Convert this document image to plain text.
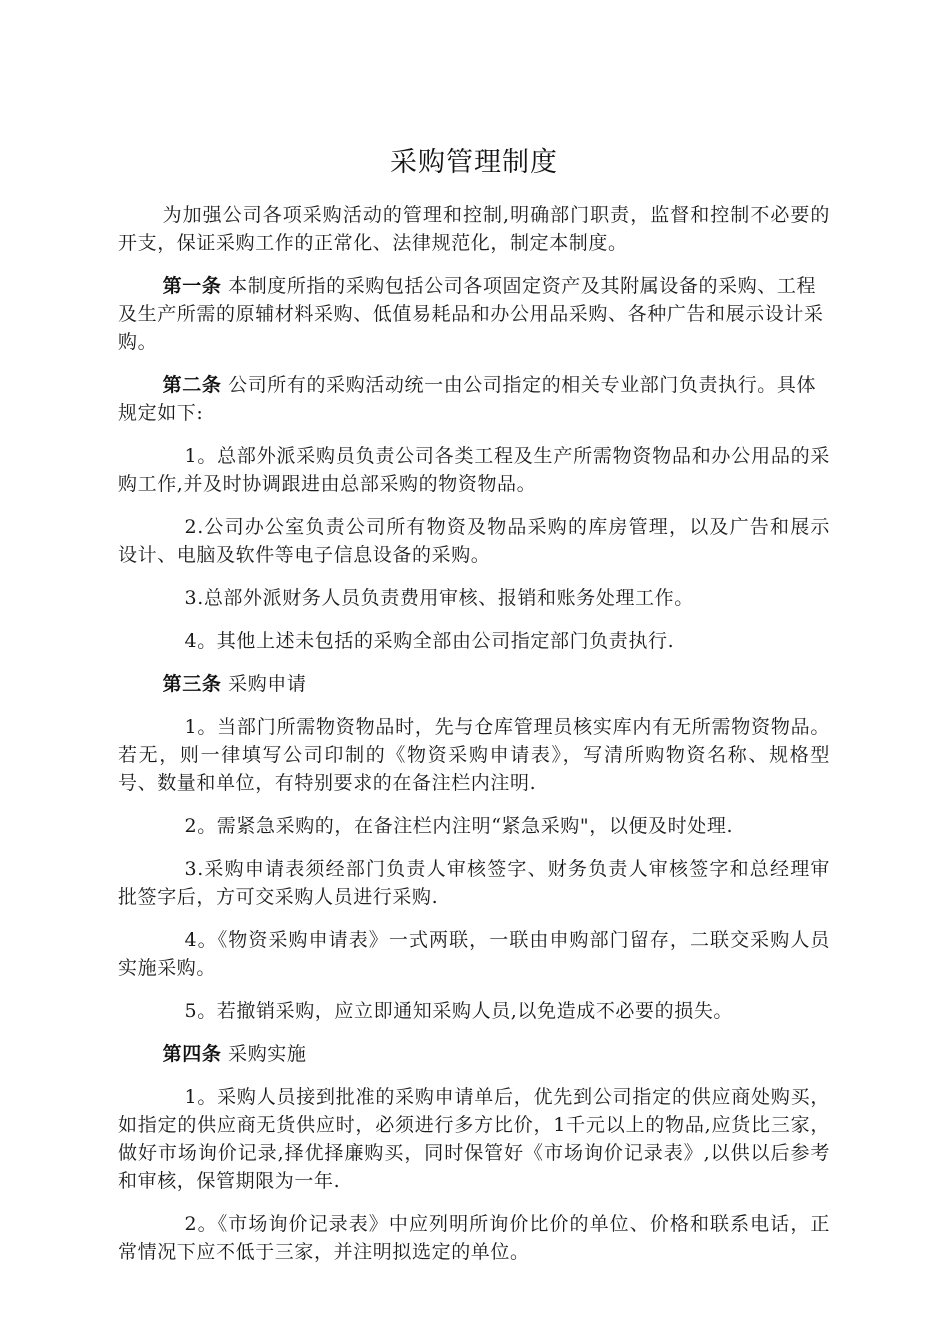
采购管理制度

为加强公司各项采购活动的管理和控制,明确部门职责，监督和控制不必要的开支，保证采购工作的正常化、法律规范化，制定本制度。

第一条 本制度所指的采购包括公司各项固定资产及其附属设备的采购、工程及生产所需的原辅材料采购、低值易耗品和办公用品采购、各种广告和展示设计采购。

第二条 公司所有的采购活动统一由公司指定的相关专业部门负责执行。具体规定如下:

1。总部外派采购员负责公司各类工程及生产所需物资物品和办公用品的采购工作,并及时协调跟进由总部采购的物资物品。

2.公司办公室负责公司所有物资及物品采购的库房管理，以及广告和展示设计、电脑及软件等电子信息设备的采购。

3.总部外派财务人员负责费用审核、报销和账务处理工作。

4。其他上述未包括的采购全部由公司指定部门负责执行.

第三条 采购申请

1。当部门所需物资物品时，先与仓库管理员核实库内有无所需物资物品。若无，则一律填写公司印制的《物资采购申请表》，写清所购物资名称、规格型号、数量和单位，有特别要求的在备注栏内注明.

2。需紧急采购的，在备注栏内注明“紧急采购"，以便及时处理.

3.采购申请表须经部门负责人审核签字、财务负责人审核签字和总经理审批签字后，方可交采购人员进行采购.

4。《物资采购申请表》一式两联，一联由申购部门留存，二联交采购人员实施采购。

5。若撤销采购，应立即通知采购人员,以免造成不必要的损失。

第四条 采购实施

1。采购人员接到批准的采购申请单后，优先到公司指定的供应商处购买，如指定的供应商无货供应时，必须进行多方比价，1千元以上的物品,应货比三家，做好市场询价记录,择优择廉购买，同时保管好《市场询价记录表》,以供以后参考和审核，保管期限为一年.

2。《市场询价记录表》中应列明所询价比价的单位、价格和联系电话，正常情况下应不低于三家，并注明拟选定的单位。
